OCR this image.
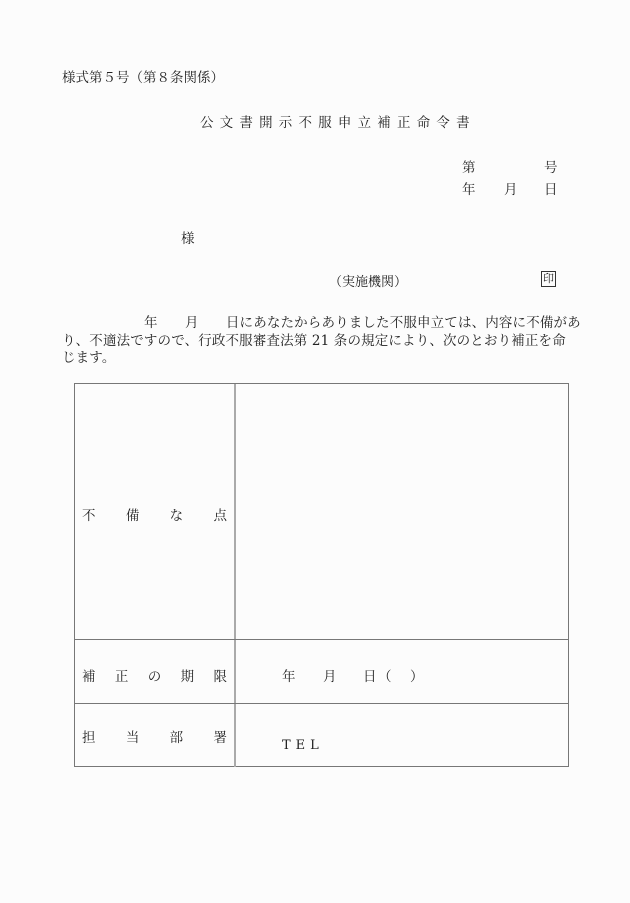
様式第５号（第８条関係）
公文書開示不服申立補正命令書
第	号
年 月 日
様
（実施機関）	印
年　　月　　日にあなたからありました不服申立ては、内容に不備があ
り、不適法ですので、行政不服審査法第 21 条の規定により、次のとおり補正を命
じます。
不 備 な 点
補 正 の 期 限	年 月 日 （ ）
担 当 部 署	TEL
